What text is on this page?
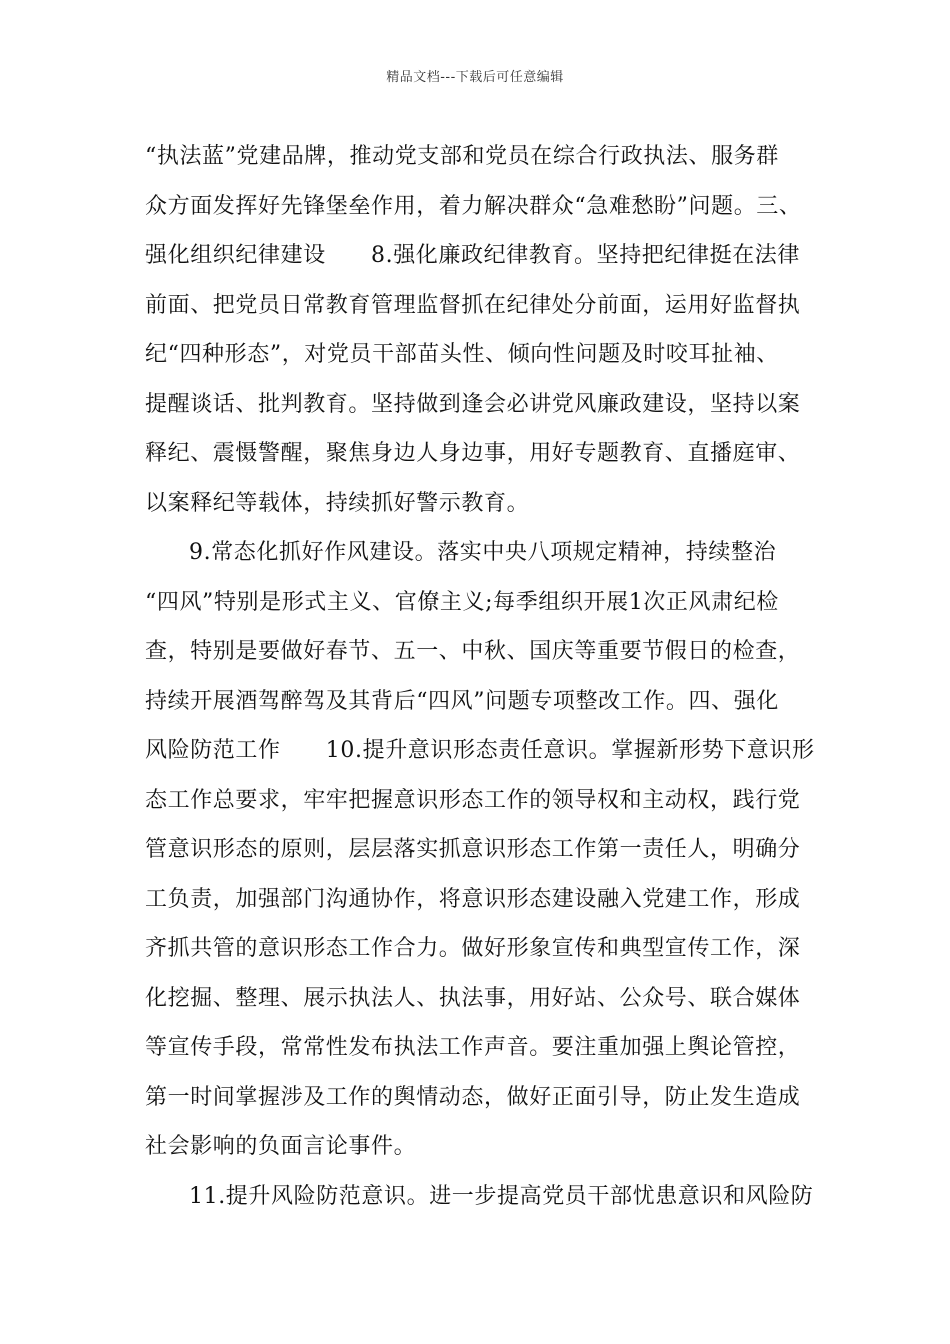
精品文档---下载后可任意编辑
“执法蓝”党建品牌，推动党支部和党员在综合行政执法、服务群
众方面发挥好先锋堡垒作用，着力解决群众“急难愁盼”问题。三、
强化组织纪律建设　　8.强化廉政纪律教育。坚持把纪律挺在法律
前面、把党员日常教育管理监督抓在纪律处分前面，运用好监督执
纪“四种形态”，对党员干部苗头性、倾向性问题及时咬耳扯袖、
提醒谈话、批判教育。坚持做到逢会必讲党风廉政建设，坚持以案
释纪、震慑警醒，聚焦身边人身边事，用好专题教育、直播庭审、
以案释纪等载体，持续抓好警示教育。
9.常态化抓好作风建设。落实中央八项规定精神，持续整治
“四风”特别是形式主义、官僚主义;每季组织开展1次正风肃纪检
查，特别是要做好春节、五一、中秋、国庆等重要节假日的检查，
持续开展酒驾醉驾及其背后“四风”问题专项整改工作。四、强化
风险防范工作　　10.提升意识形态责任意识。掌握新形势下意识形
态工作总要求，牢牢把握意识形态工作的领导权和主动权，践行党
管意识形态的原则，层层落实抓意识形态工作第一责任人，明确分
工负责，加强部门沟通协作，将意识形态建设融入党建工作，形成
齐抓共管的意识形态工作合力。做好形象宣传和典型宣传工作，深
化挖掘、整理、展示执法人、执法事，用好站、公众号、联合媒体
等宣传手段，常常性发布执法工作声音。要注重加强上舆论管控，
第一时间掌握涉及工作的舆情动态，做好正面引导，防止发生造成
社会影响的负面言论事件。
11.提升风险防范意识。进一步提高党员干部忧患意识和风险防
